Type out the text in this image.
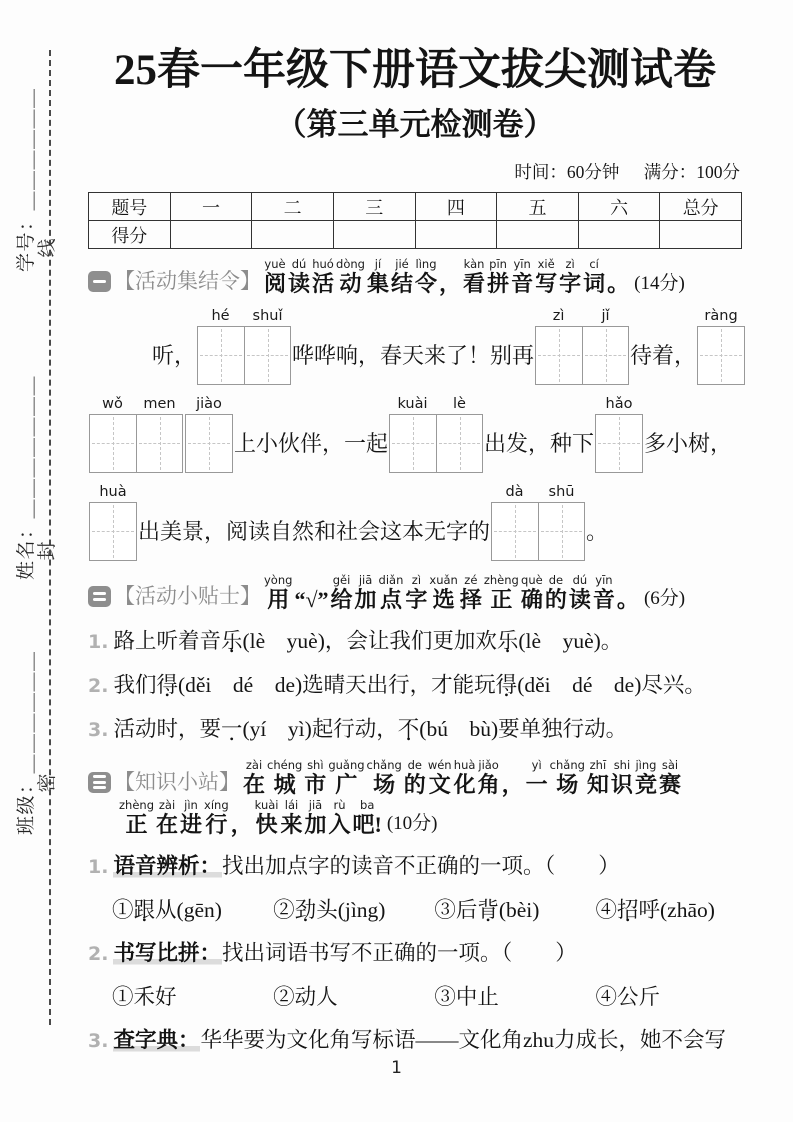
学号：＿＿＿＿＿＿
姓名：＿＿＿＿＿＿＿
班级：＿＿＿＿＿＿
线
封
密
25春一年级下册语文拔尖测试卷
（第三单元检测卷）
时间：60分钟 满分：100分
题号	一	二	三	四	五	六	总分
得分							
【活动集结令】
yuè
阅
dú
读
huó
活
dòng
动
jí
集
jié
结
lìng
令
，
kàn
看
pīn
拼
yīn
音
xiě
写
zì
字
cí
词
。 (14分)
听，
hé	shuǐ
哗哗响，春天来了！别再
zì	jǐ
待着，
ràng
wǒ	men	jiào
上小伙伴，一起
kuài	lè
出发，种下
hǎo
多小树，
huà
出美景，阅读自然和社会这本无字的
dà	shū
。
【活动小贴士】
yòng
用
“√”
gěi
给
jiā
加
diǎn
点
zì
字
xuǎn
选
zé
择
zhèng
正
què
确
de
的
dú
读
yīn
音
。 (6分)
1. 路上听着音乐(lè　yuè)，会让我们更加欢乐(lè　yuè)。
2. 我们得(děi　dé　de)选晴天出行，才能玩得(děi　dé　de)尽兴。
3. 活动时，要一(yí　yì)起行动，不(bú　bù)要单独行动。
【知识小站】
zài
在
chéng
城
shì
市
guǎng
广
chǎng
场
de
的
wén
文
huà
化
jiǎo
角
，
yì
一
chǎng
场
zhī
知
shi
识
jìng
竞
sài
赛
zhèng
正
zài
在
jìn
进
xíng
行
，
kuài
快
lái
来
jiā
加
rù
入
ba
吧! (10分)
1. 语音辨析：找出加点字的读音不正确的一项。（　　）
①跟从(gēn)	②劲头(jìng)	③后背(bèi)	④招呼(zhāo)
2. 书写比拼：找出词语书写不正确的一项。（　　）
①禾好	②动人	③中止	④公斤
3. 查字典：华华要为文化角写标语——文化角zhu力成长，她不会写
1
